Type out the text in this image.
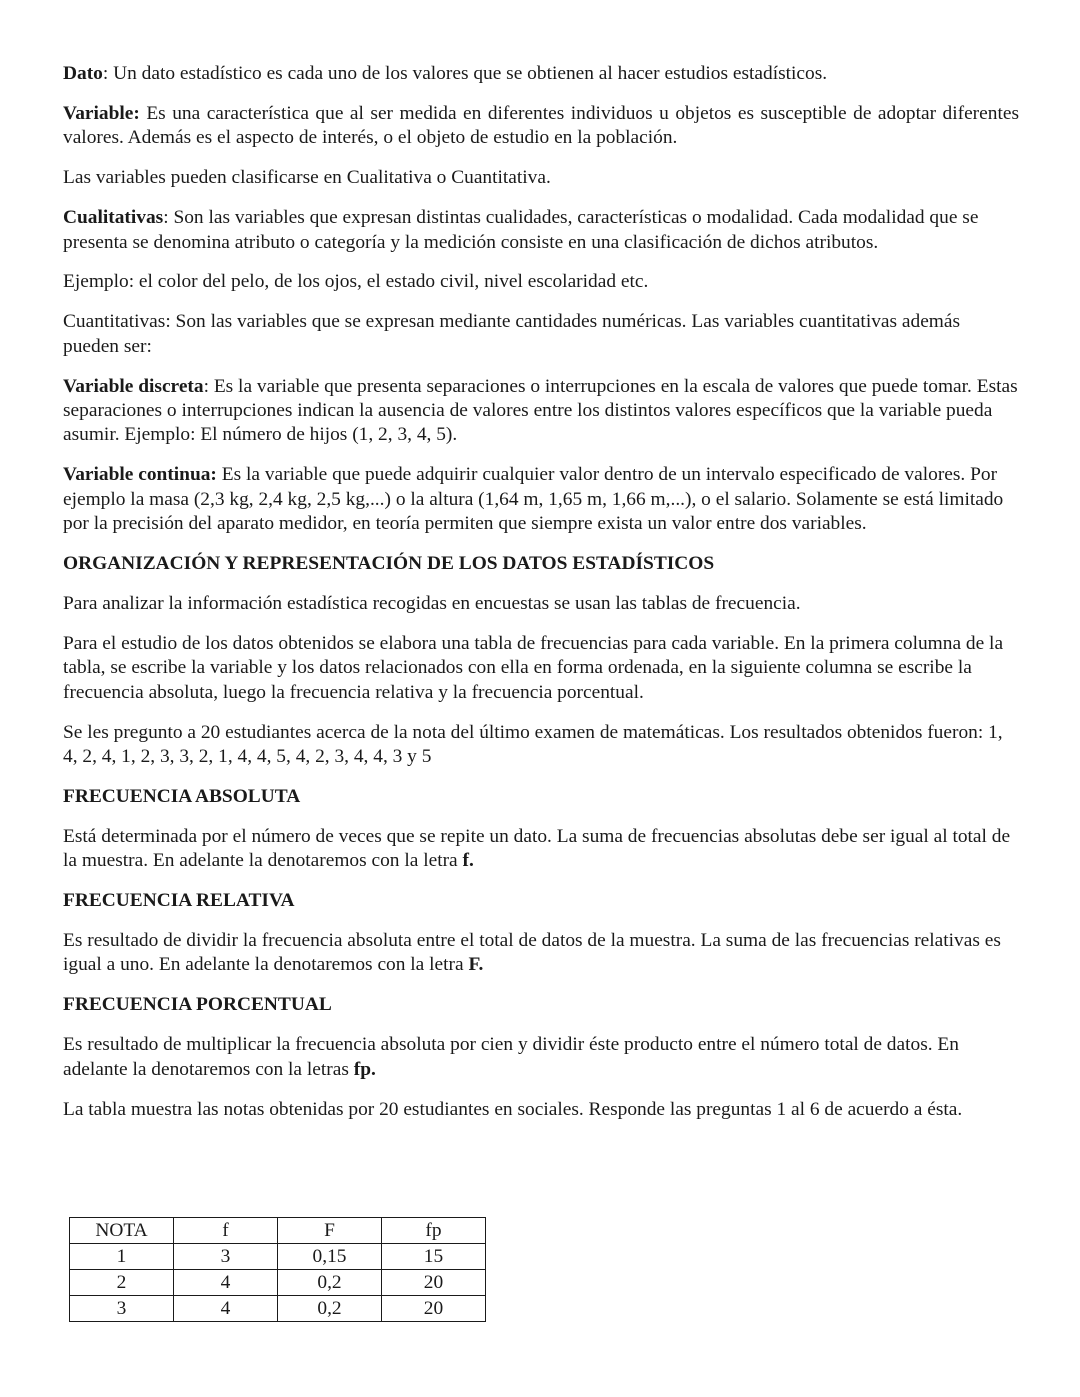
Dato: Un dato estadístico es cada uno de los valores que se obtienen al hacer estudios estadísticos.

Variable: Es una característica que al ser medida en diferentes individuos u objetos es susceptible de adoptar diferentes valores. Además es el aspecto de interés, o el objeto de estudio en la población.

Las variables pueden clasificarse en Cualitativa o Cuantitativa.

Cualitativas: Son las variables que expresan distintas cualidades, características o modalidad. Cada modalidad que se presenta se denomina atributo o categoría y la medición consiste en una clasificación de dichos atributos.

Ejemplo: el color del pelo, de los ojos, el estado civil, nivel escolaridad etc.

Cuantitativas: Son las variables que se expresan mediante cantidades numéricas. Las variables cuantitativas además pueden ser:

Variable discreta: Es la variable que presenta separaciones o interrupciones en la escala de valores que puede tomar. Estas separaciones o interrupciones indican la ausencia de valores entre los distintos valores específicos que la variable pueda asumir. Ejemplo: El número de hijos (1, 2, 3, 4, 5).

Variable continua: Es la variable que puede adquirir cualquier valor dentro de un intervalo especificado de valores. Por ejemplo la masa (2,3 kg, 2,4 kg, 2,5 kg,...) o la altura (1,64 m, 1,65 m, 1,66 m,...), o el salario. Solamente se está limitado por la precisión del aparato medidor, en teoría permiten que siempre exista un valor entre dos variables.

ORGANIZACIÓN Y REPRESENTACIÓN DE LOS DATOS ESTADÍSTICOS

Para analizar la información estadística recogidas en encuestas se usan las tablas de frecuencia.

Para el estudio de los datos obtenidos se elabora una tabla de frecuencias para cada variable. En la primera columna de la tabla, se escribe la variable y los datos relacionados con ella en forma ordenada, en la siguiente columna se escribe la frecuencia absoluta, luego la frecuencia relativa y la frecuencia porcentual.

Se les pregunto a 20 estudiantes acerca de la nota del último examen de matemáticas. Los resultados obtenidos fueron: 1, 4, 2, 4, 1, 2, 3, 3, 2, 1, 4, 4, 5, 4, 2, 3, 4, 4, 3 y 5

FRECUENCIA ABSOLUTA

Está determinada por el número de veces que se repite un dato. La suma de frecuencias absolutas debe ser igual al total de la muestra. En adelante la denotaremos con la letra f.

FRECUENCIA RELATIVA

Es resultado de dividir la frecuencia absoluta entre el total de datos de la muestra. La suma de las frecuencias relativas es igual a uno. En adelante la denotaremos con la letra F.

FRECUENCIA PORCENTUAL

Es resultado de multiplicar la frecuencia absoluta por cien y dividir éste producto entre el número total de datos. En adelante la denotaremos con la letras fp.

La tabla muestra las notas obtenidas por 20 estudiantes en sociales. Responde las preguntas 1 al 6 de acuerdo a ésta.

NOTA	f	F	fp
1	3	0,15	15
2	4	0,2	20
3	4	0,2	20
